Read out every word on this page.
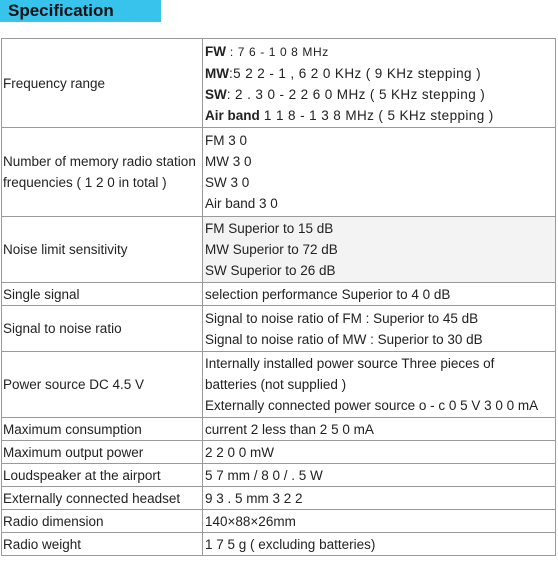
Specification
Frequency range	FW : 7 6 - 1 0 8 MHz
MW:5 2 2 - 1 , 6 2 0 KHz ( 9 KHz stepping )
SW: 2 . 3 0 - 2 2 6 0 MHz ( 5 KHz stepping )
Air band 1 1 8 - 1 3 8 MHz ( 5 KHz stepping )

Number of memory radio station
frequencies ( 1 2 0 in total )	FM 3 0
MW 3 0
SW 3 0
Air band 3 0

Noise limit sensitivity	FM Superior to 15 dB
MW Superior to 72 dB
SW Superior to 26 dB

Single signal	selection performance Superior to 4 0 dB
Signal to noise ratio	Signal to noise ratio of FM : Superior to 45 dB
Signal to noise ratio of MW : Superior to 30 dB

Power source DC 4.5 V	Internally installed power source Three pieces of
batteries (not supplied )
Externally connected power source o - c 0 5 V 3 0 0 mA

Maximum consumption	current 2 less than 2 5 0 mA
Maximum output power	2 2 0 0 mW
Loudspeaker at the airport	5 7 mm / 8 0 / . 5 W
Externally connected headset	9 3 . 5 mm 3 2 2
Radio dimension	140×88×26mm
Radio weight	1 7 5 g ( excluding batteries)
